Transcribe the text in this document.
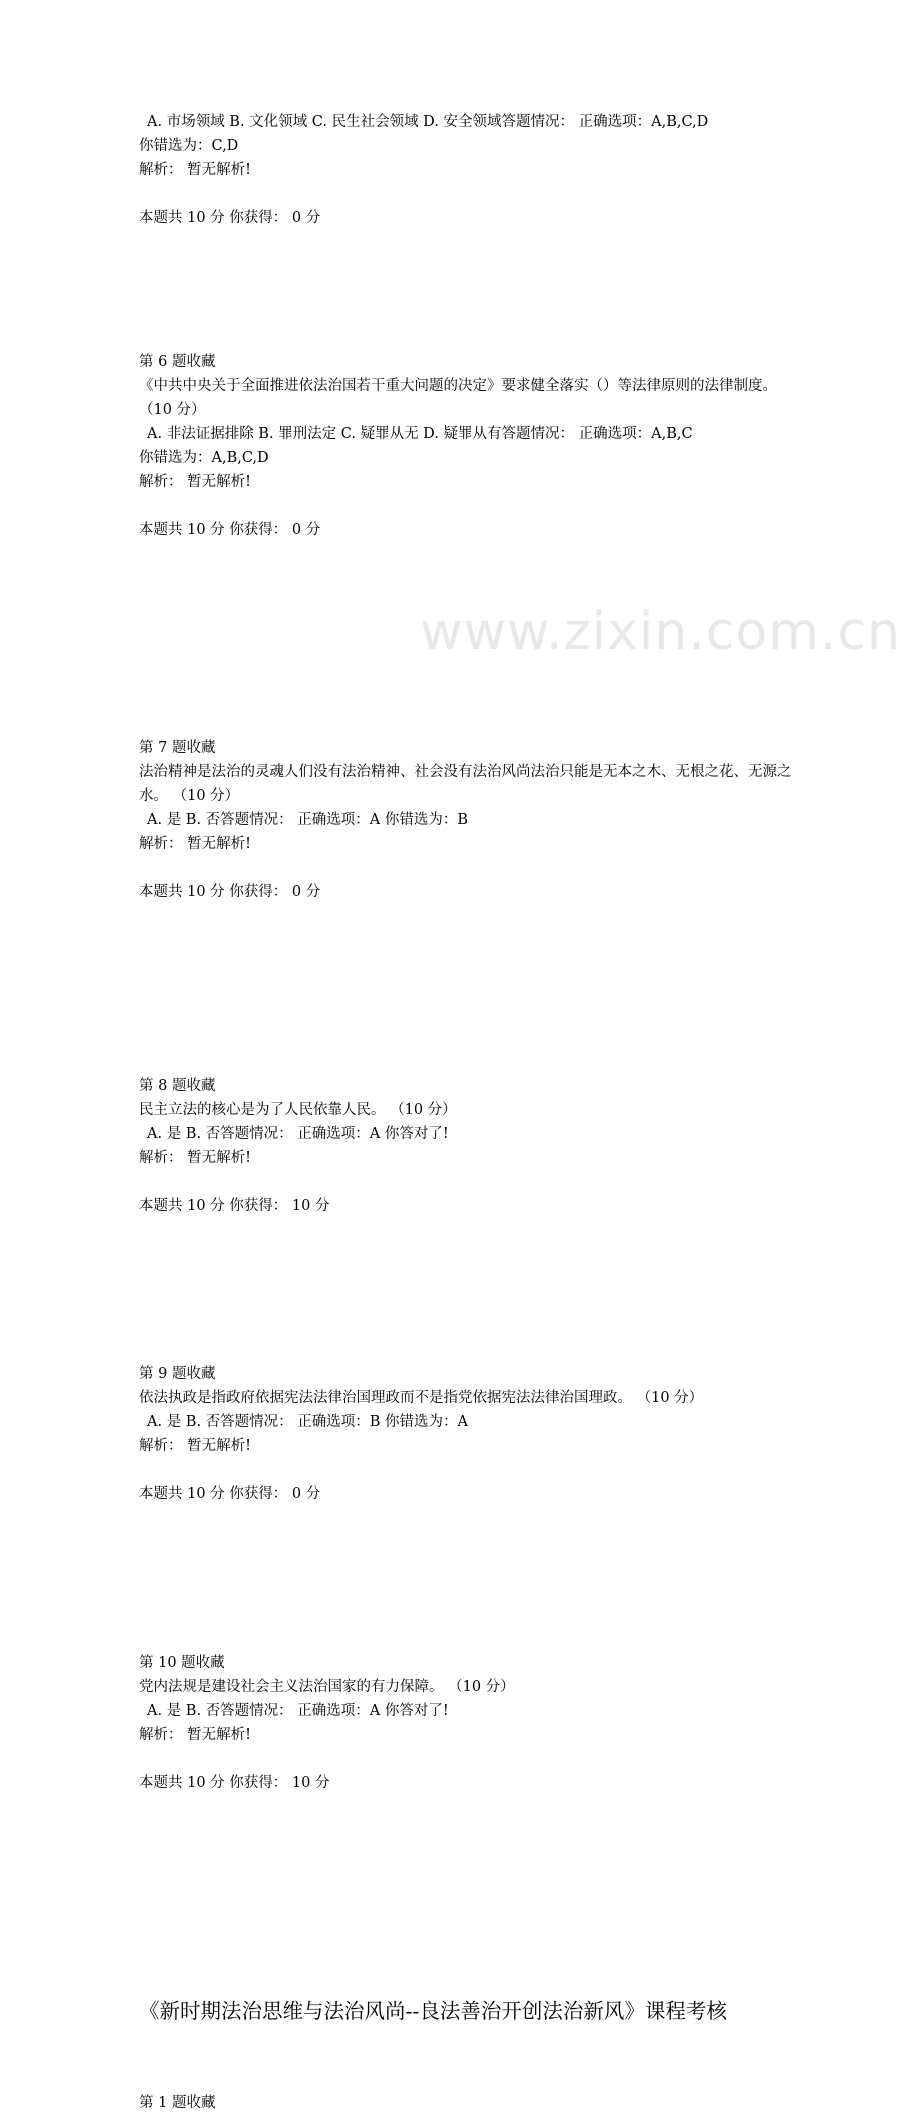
www.zixin.com.cn
A. 市场领域 B. 文化领域 C. 民生社会领域 D. 安全领域答题情况： 正确选项：A,B,C,D
你错选为：C,D
解析： 暂无解析!
本题共 10 分 你获得： 0 分
第 6 题收藏
《中共中央关于全面推进依法治国若干重大问题的决定》要求健全落实（）等法律原则的法律制度。 （10 分）
A. 非法证据排除 B. 罪刑法定 C. 疑罪从无 D. 疑罪从有答题情况： 正确选项：A,B,C
你错选为：A,B,C,D
解析： 暂无解析!
本题共 10 分 你获得： 0 分
第 7 题收藏
法治精神是法治的灵魂人们没有法治精神、社会没有法治风尚法治只能是无本之木、无根之花、无源之水。 （10 分）
A. 是 B. 否答题情况： 正确选项：A 你错选为：B
解析： 暂无解析!
本题共 10 分 你获得： 0 分
第 8 题收藏
民主立法的核心是为了人民依靠人民。 （10 分）
A. 是 B. 否答题情况： 正确选项：A 你答对了!
解析： 暂无解析!
本题共 10 分 你获得： 10 分
第 9 题收藏
依法执政是指政府依据宪法法律治国理政而不是指党依据宪法法律治国理政。 （10 分）
A. 是 B. 否答题情况： 正确选项：B 你错选为：A
解析： 暂无解析!
本题共 10 分 你获得： 0 分
第 10 题收藏
党内法规是建设社会主义法治国家的有力保障。 （10 分）
A. 是 B. 否答题情况： 正确选项：A 你答对了!
解析： 暂无解析!
本题共 10 分 你获得： 10 分
《新时期法治思维与法治风尚--良法善治开创法治新风》课程考核
第 1 题收藏
